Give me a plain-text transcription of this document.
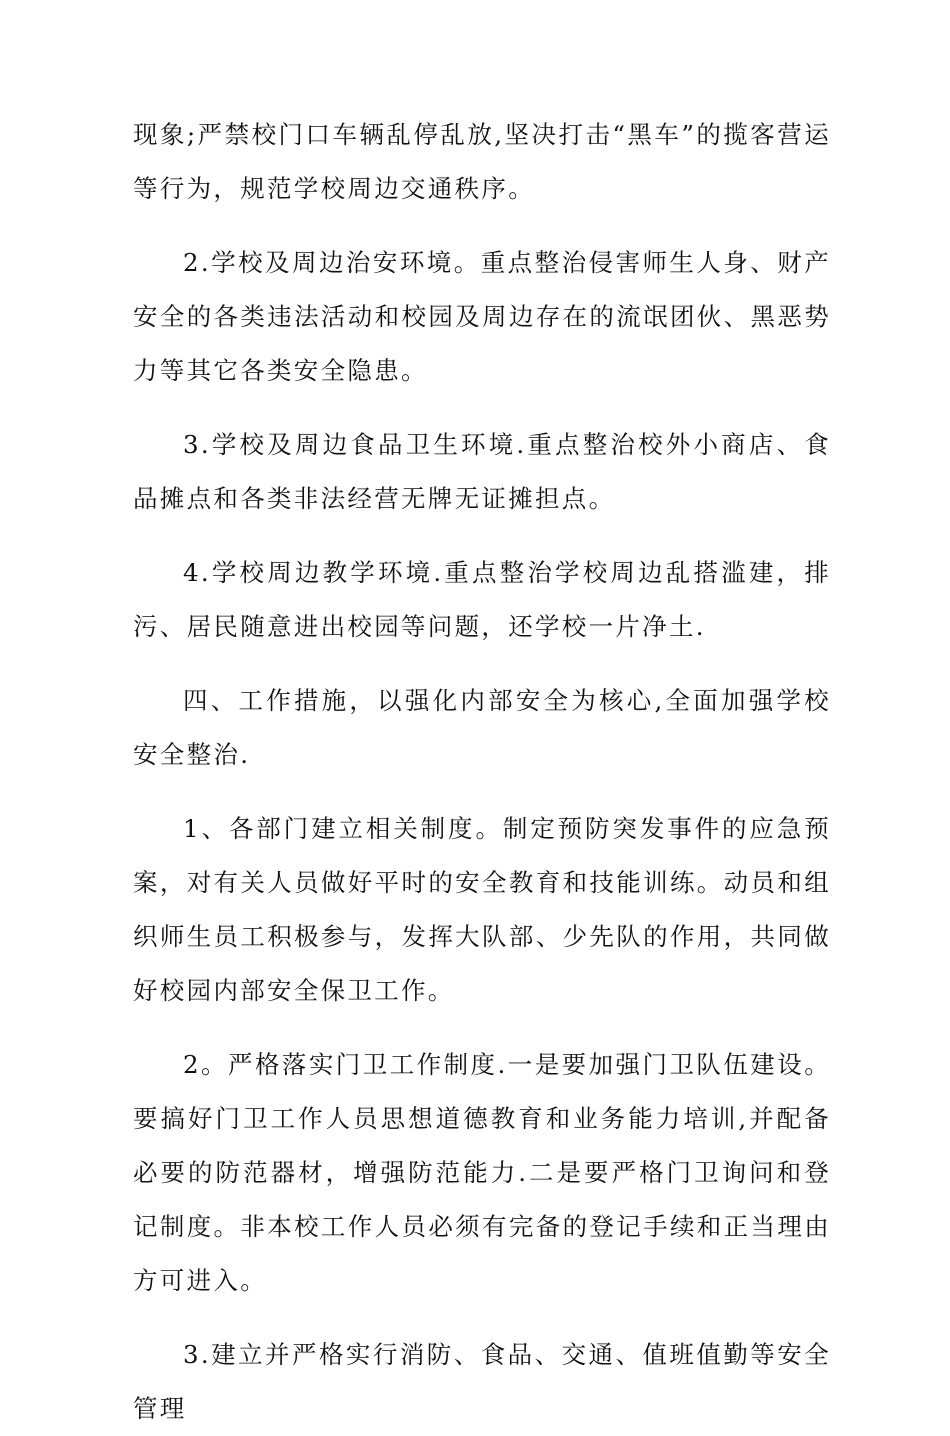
现象;严禁校门口车辆乱停乱放,坚决打击“黑车”的揽客营运等行为，规范学校周边交通秩序。

2.学校及周边治安环境。重点整治侵害师生人身、财产安全的各类违法活动和校园及周边存在的流氓团伙、黑恶势力等其它各类安全隐患。

3.学校及周边食品卫生环境.重点整治校外小商店、食品摊点和各类非法经营无牌无证摊担点。

4.学校周边教学环境.重点整治学校周边乱搭滥建，排污、居民随意进出校园等问题，还学校一片净土.

四、工作措施，以强化内部安全为核心,全面加强学校安全整治.

1、各部门建立相关制度。制定预防突发事件的应急预案，对有关人员做好平时的安全教育和技能训练。动员和组织师生员工积极参与，发挥大队部、少先队的作用，共同做好校园内部安全保卫工作。

2。严格落实门卫工作制度.一是要加强门卫队伍建设。要搞好门卫工作人员思想道德教育和业务能力培训,并配备必要的防范器材，增强防范能力.二是要严格门卫询问和登记制度。非本校工作人员必须有完备的登记手续和正当理由方可进入。

3.建立并严格实行消防、食品、交通、值班值勤等安全管理
